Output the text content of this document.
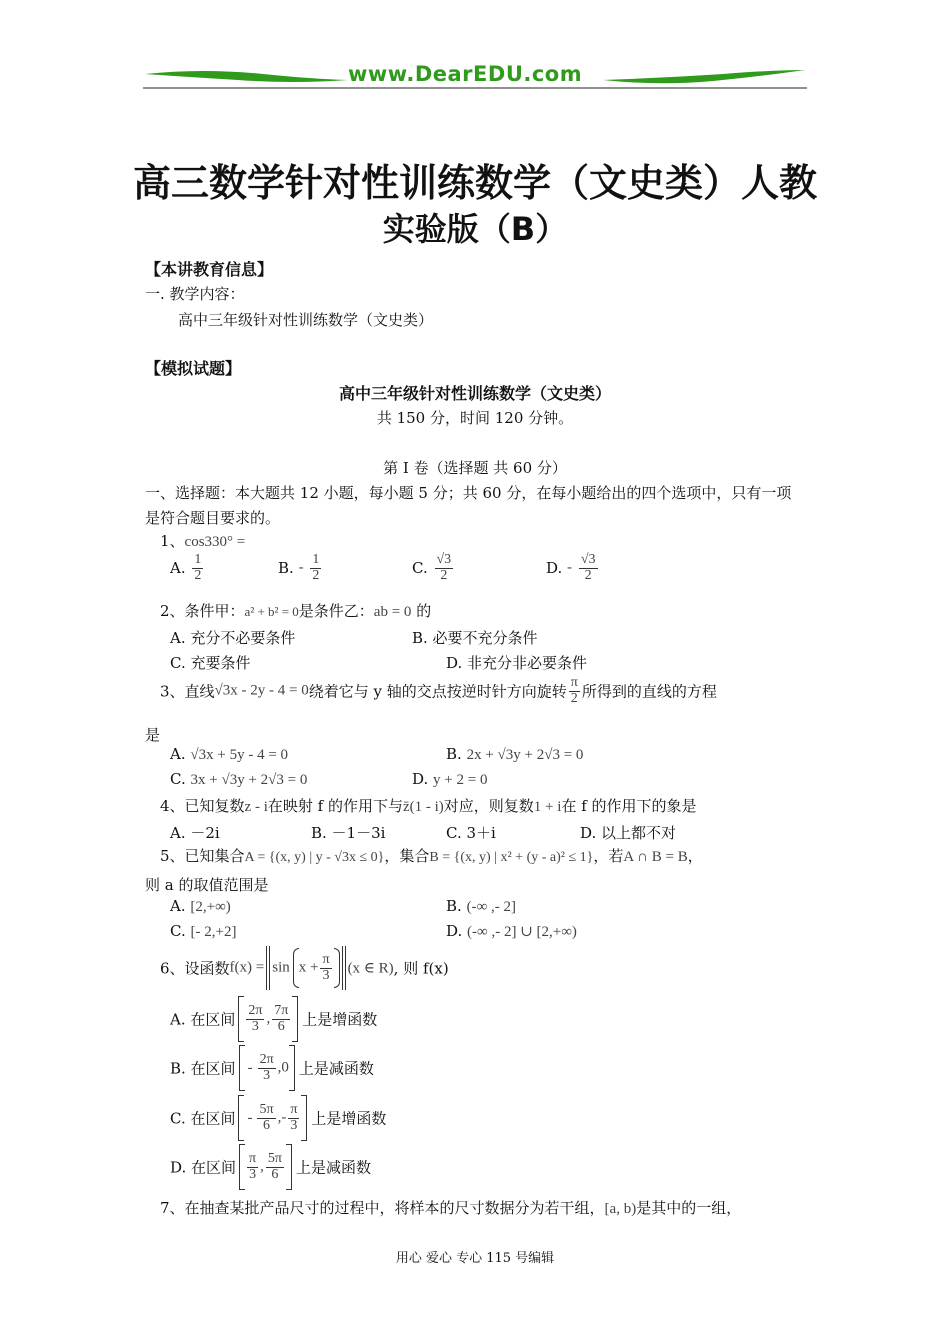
www.DearEDU.com
高三数学针对性训练数学（文史类）人教
实验版（B）
【本讲教育信息】
一. 教学内容：
高中三年级针对性训练数学（文史类）
【模拟试题】
高中三年级针对性训练数学（文史类）
共 150 分，时间 120 分钟。
第 I 卷（选择题 共 60 分）
一、选择题：本大题共 12 小题，每小题 5 分；共 60 分，在每小题给出的四个选项中，只有一项
是符合题目要求的。
1、cos330° =
A. $\frac{1}{2}$	B. - $\frac{1}{2}$	C. $\frac{√3}{2}$	D. - $\frac{√3}{2}$
2、条件甲：a² + b² = 0是条件乙：ab = 0 的
A. 充分不必要条件	B. 必要不充分条件
C. 充要条件	D. 非充分非必要条件
3、直线√3x - 2y - 4 = 0绕着它与 y 轴的交点按逆时针方向旋转 $\frac{\pi}{2}$ 所得到的直线的方程
是
A. √3x + 5y - 4 = 0	B. 2x + √3y + 2√3 = 0
C. 3x + √3y + 2√3 = 0	D. y + 2 = 0
4、已知复数z - i在映射 f 的作用下与z̄(1 - i)对应，则复数1 + i在 f 的作用下的象是
A. －2i	B. －1－3i	C. 3＋i	D. 以上都不对
5、已知集合A = {(x, y) | y - √3x ≤ 0}，集合B = {(x, y) | x² + (y - a)² ≤ 1}，若A ∩ B = B，
则 a 的取值范围是
A. [2,+∞)	B. (-∞ ,- 2]
C. [- 2,+2]	D. (-∞ ,- 2] ∪ [2,+∞)
6、设函数$f(x) = \sin x + \frac{\pi}{3} (x$ ∈ R), 则 f(x)
A. 在区间 $\frac{2\pi}{3}$ , $\frac{7\pi}{6}$ 上是增函数
B. 在区间 - $\frac{2\pi}{3} ,0$ 上是减函数
C. 在区间 - $\frac{5\pi}{6}$ ,- $\frac{\pi}{3}$ 上是增函数
D. 在区间 $\frac{\pi}{3}$ , $\frac{5\pi}{6}$ 上是减函数
7、在抽查某批产品尺寸的过程中，将样本的尺寸数据分为若干组，[a, b)是其中的一组，
用心 爱心 专心 115 号编辑
